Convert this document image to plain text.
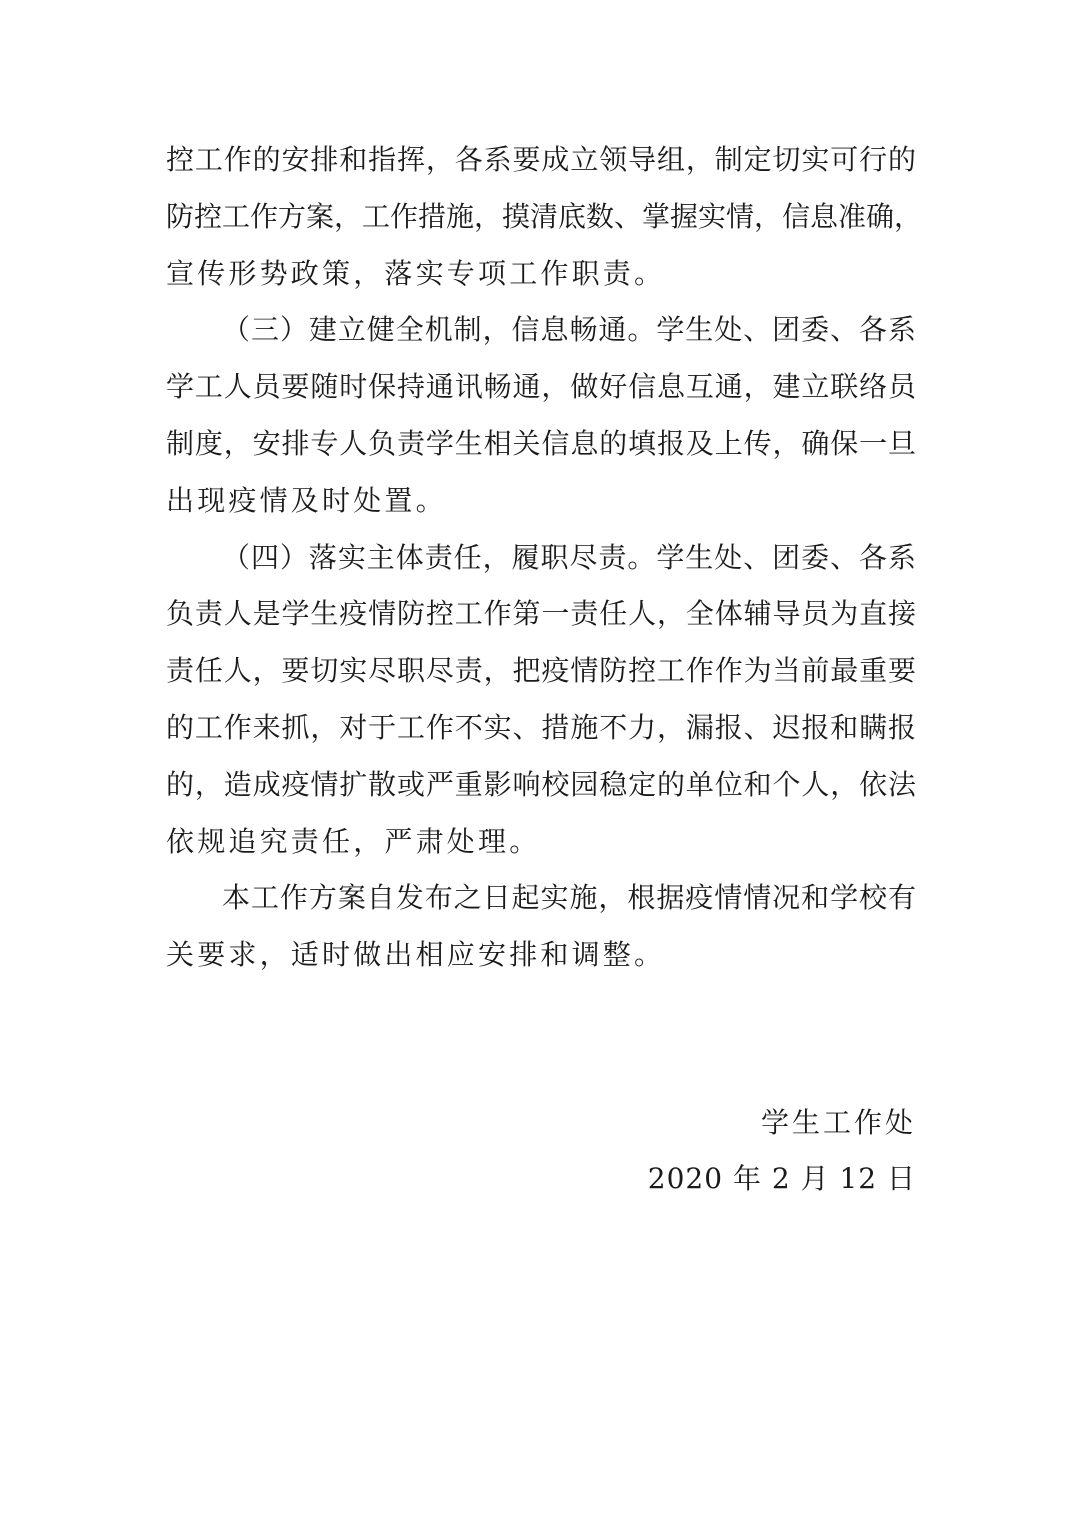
控工作的安排和指挥，各系要成立领导组，制定切实可行的
防控工作方案，工作措施，摸清底数、掌握实情，信息准确，
宣传形势政策，落实专项工作职责。
（三）建立健全机制，信息畅通。学生处、团委、各系
学工人员要随时保持通讯畅通，做好信息互通，建立联络员
制度，安排专人负责学生相关信息的填报及上传，确保一旦
出现疫情及时处置。
（四）落实主体责任，履职尽责。学生处、团委、各系
负责人是学生疫情防控工作第一责任人，全体辅导员为直接
责任人，要切实尽职尽责，把疫情防控工作作为当前最重要
的工作来抓，对于工作不实、措施不力，漏报、迟报和瞒报
的，造成疫情扩散或严重影响校园稳定的单位和个人，依法
依规追究责任，严肃处理。
本工作方案自发布之日起实施，根据疫情情况和学校有
关要求，适时做出相应安排和调整。
学生工作处
2020 年 2 月 12 日
